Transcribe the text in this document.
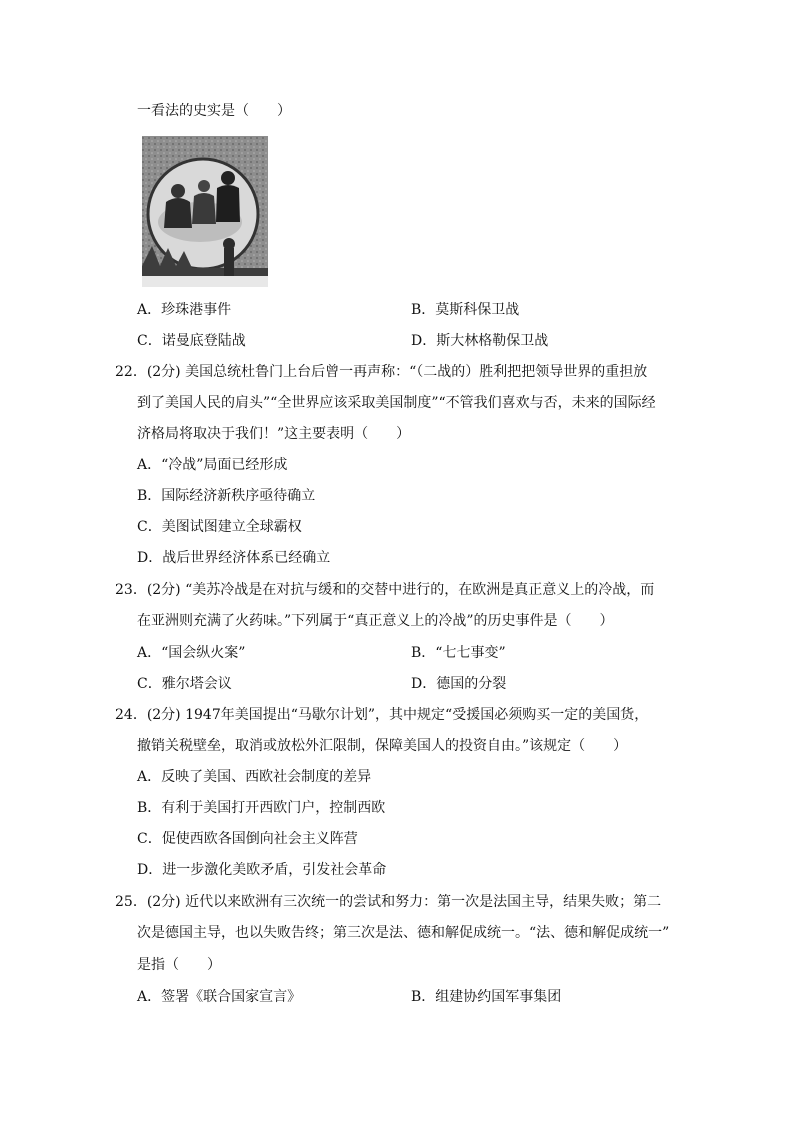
一看法的史实是（　　）
A．珍珠港事件	B．莫斯科保卫战
C．诺曼底登陆战	D．斯大林格勒保卫战
22．(2分) 美国总统杜鲁门上台后曾一再声称：“（二战的）胜利把把领导世界的重担放
到了美国人民的肩头”“全世界应该采取美国制度”“不管我们喜欢与否，未来的国际经
济格局将取决于我们！”这主要表明（　　）
A．“冷战”局面已经形成
B．国际经济新秩序亟待确立
C．美图试图建立全球霸权
D．战后世界经济体系已经确立
23．(2分) “美苏冷战是在对抗与缓和的交替中进行的，在欧洲是真正意义上的冷战，而
在亚洲则充满了火药味。”下列属于“真正意义上的冷战”的历史事件是（　　）
A．“国会纵火案”	B．“七七事变”
C．雅尔塔会议	D．德国的分裂
24．(2分) 1947年美国提出“马歇尔计划”，其中规定“受援国必须购买一定的美国货，
撤销关税壁垒，取消或放松外汇限制，保障美国人的投资自由。”该规定（　　）
A．反映了美国、西欧社会制度的差异
B．有利于美国打开西欧门户，控制西欧
C．促使西欧各国倒向社会主义阵营
D．进一步激化美欧矛盾，引发社会革命
25．(2分) 近代以来欧洲有三次统一的尝试和努力：第一次是法国主导，结果失败；第二
次是德国主导，也以失败告终；第三次是法、德和解促成统一。“法、德和解促成统一”
是指（　　）
A．签署《联合国家宣言》	B．组建协约国军事集团
